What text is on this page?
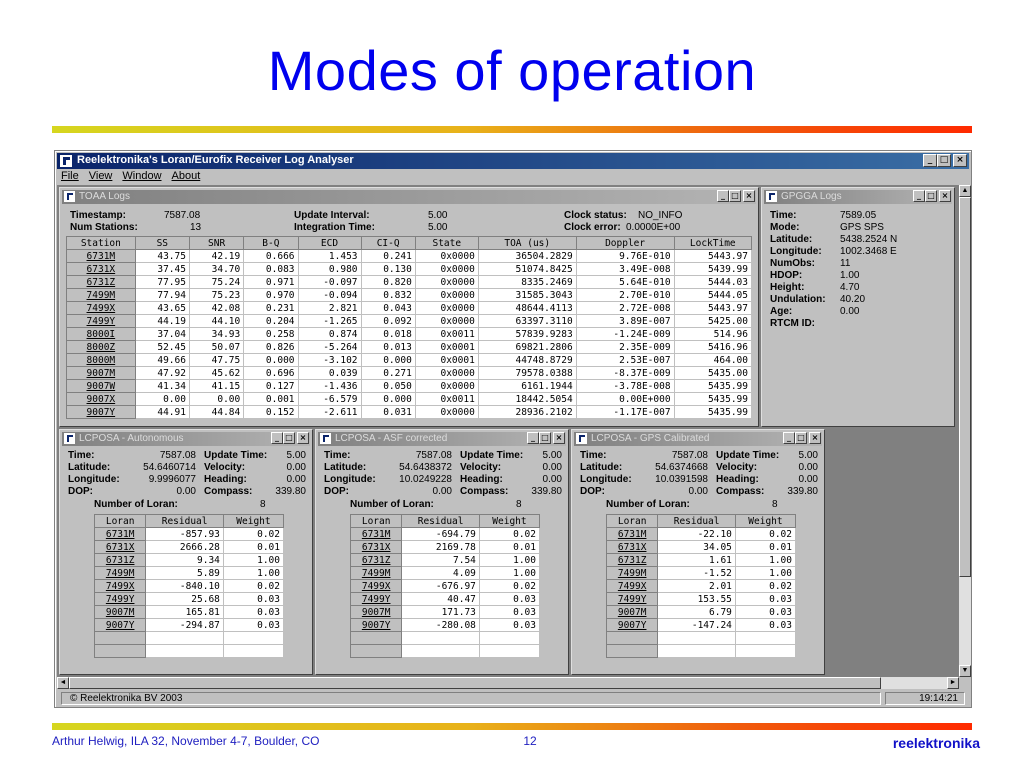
Modes of operation
Reelektronika's Loran/Eurofix Receiver Log Analyser	_ □ ×
File View Window About
TOAA Logs	_ □ ×
Timestamp:	7587.08
Num Stations:	13
Update Interval:	5.00
Integration Time:	5.00
Clock status: NO_INFO
Clock error: 0.0000E+00
Station	SS	SNR	B-Q	ECD	CI-Q	State	TOA (us)	Doppler	LockTime
6731M	43.75	42.19	0.666	1.453	0.241	0x0000	36504.2829	9.76E-010	5443.97
6731X	37.45	34.70	0.083	0.980	0.130	0x0000	51074.8425	3.49E-008	5439.99
6731Z	77.95	75.24	0.971	-0.097	0.820	0x0000	8335.2469	5.64E-010	5444.03
7499M	77.94	75.23	0.970	-0.094	0.832	0x0000	31585.3043	2.70E-010	5444.05
7499X	43.65	42.08	0.231	2.821	0.043	0x0000	48644.4113	2.72E-008	5443.97
7499Y	44.19	44.10	0.204	-1.265	0.092	0x0000	63397.3110	3.89E-007	5425.00
8000I	37.04	34.93	0.258	0.874	0.018	0x0011	57839.9283	-1.24E-009	514.96
8000Z	52.45	50.07	0.826	-5.264	0.013	0x0001	69821.2806	2.35E-009	5416.96
8000M	49.66	47.75	0.000	-3.102	0.000	0x0001	44748.8729	2.53E-007	464.00
9007M	47.92	45.62	0.696	0.039	0.271	0x0000	79578.0388	-8.37E-009	5435.00
9007W	41.34	41.15	0.127	-1.436	0.050	0x0000	6161.1944	-3.78E-008	5435.99
9007X	0.00	0.00	0.001	-6.579	0.000	0x0011	18442.5054	0.00E+000	5435.99
9007Y	44.91	44.84	0.152	-2.611	0.031	0x0000	28936.2102	-1.17E-007	5435.99
GPGGA Logs	_ □ ×
Time:	7589.05
Mode:	GPS SPS
Latitude:	5438.2524 N
Longitude: 1002.3468 E
NumObs:	11
HDOP:	1.00
Height:	4.70
Undulation: 40.20
Age:	0.00
RTCM ID:
LCPOSA - Autonomous	_ □ ×
Time:	7587.08 Update Time:	5.00
Latitude:	54.6460714 Velocity:	0.00
Longitude:	9.9996077 Heading:	0.00
DOP:	0.00 Compass:	339.80
Number of Loran:	8
Loran	Residual	Weight
6731M	-857.93	0.02
6731X	2666.28	0.01
6731Z	9.34	1.00
7499M	5.89	1.00
7499X	-840.10	0.02
7499Y	25.68	0.03
9007M	165.81	0.03
9007Y	-294.87	0.03

LCPOSA - ASF corrected	_ □ ×
Time:	7587.08 Update Time:	5.00
Latitude:	54.6438372 Velocity:	0.00
Longitude:	10.0249228 Heading:	0.00
DOP:	0.00 Compass:	339.80
Number of Loran:	8
Loran	Residual	Weight
6731M	-694.79	0.02
6731X	2169.78	0.01
6731Z	7.54	1.00
7499M	4.09	1.00
7499X	-676.97	0.02
7499Y	40.47	0.03
9007M	171.73	0.03
9007Y	-280.08	0.03

LCPOSA - GPS Calibrated	_ □ ×
Time:	7587.08 Update Time:	5.00
Latitude:	54.6374668 Velocity:	0.00
Longitude:	10.0391598 Heading:	0.00
DOP:	0.00 Compass:	339.80
Number of Loran:	8
Loran	Residual	Weight
6731M	-22.10	0.02
6731X	34.05	0.01
6731Z	1.61	1.00
7499M	-1.52	1.00
7499X	2.01	0.02
7499Y	153.55	0.03
9007M	6.79	0.03
9007Y	-147.24	0.03

▲
▼
◄	►
© Reelektronika BV 2003	19:14:21
Arthur Helwig, ILA 32, November 4-7, Boulder, CO	12	reelektronika
